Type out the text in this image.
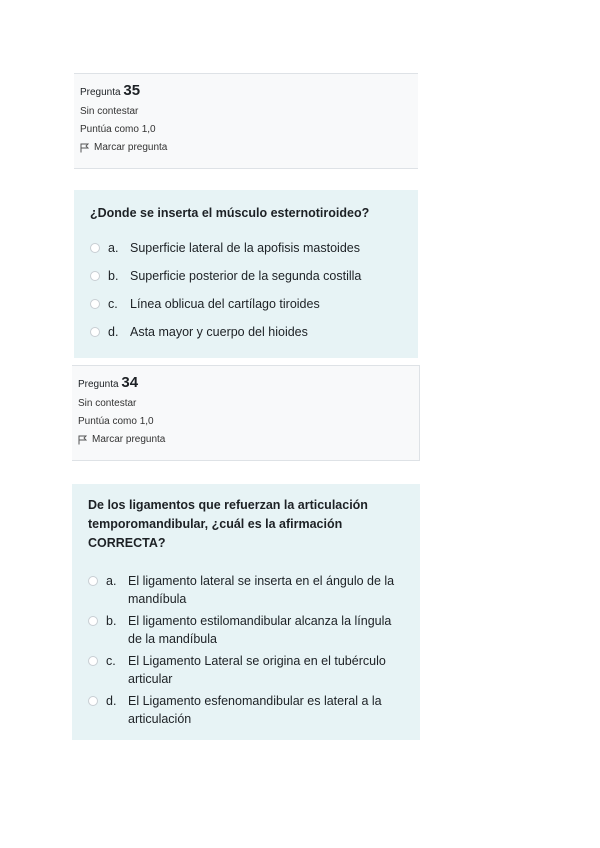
Pregunta 35
Sin contestar
Puntúa como 1,0
Marcar pregunta
¿Donde se inserta el músculo esternotiroideo?
a. Superficie lateral de la apofisis mastoides
b. Superficie posterior de la segunda costilla
c. Línea oblicua del cartílago tiroides
d. Asta mayor y cuerpo del hioides
Pregunta 34
Sin contestar
Puntúa como 1,0
Marcar pregunta
De los ligamentos que refuerzan la articulación temporomandibular, ¿cuál es la afirmación CORRECTA?
a. El ligamento lateral se inserta en el ángulo de la mandíbula
b. El ligamento estilomandibular alcanza la língula de la mandíbula
c. El Ligamento Lateral se origina en el tubérculo articular
d. El Ligamento esfenomandibular es lateral a la articulación
